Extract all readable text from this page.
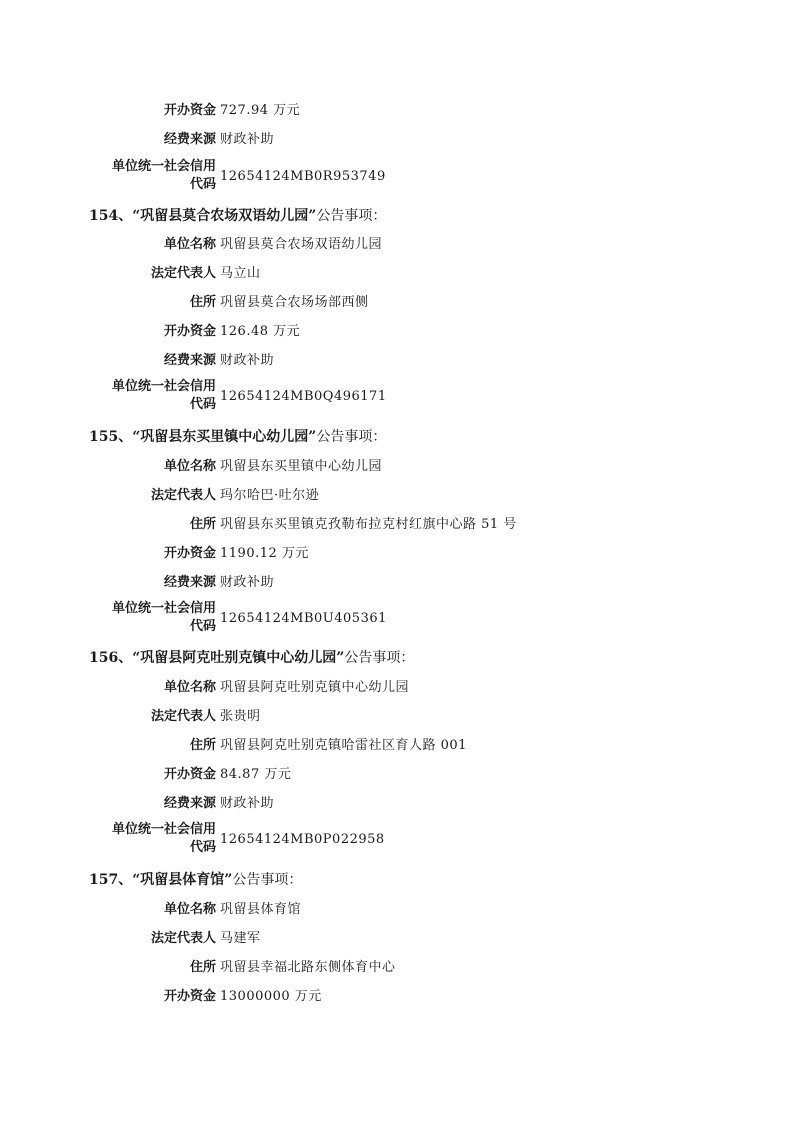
开办资金 727.94 万元
经费来源 财政补助
单位统一社会信用
代码
12654124MB0R953749
154、“巩留县莫合农场双语幼儿园”公告事项：
单位名称 巩留县莫合农场双语幼儿园
法定代表人 马立山
住所 巩留县莫合农场场部西侧
开办资金 126.48 万元
经费来源 财政补助
单位统一社会信用
代码
12654124MB0Q496171
155、“巩留县东买里镇中心幼儿园”公告事项：
单位名称 巩留县东买里镇中心幼儿园
法定代表人 玛尔哈巴·吐尔逊
住所 巩留县东买里镇克孜勒布拉克村红旗中心路 51 号
开办资金 1190.12 万元
经费来源 财政补助
单位统一社会信用
代码
12654124MB0U405361
156、“巩留县阿克吐别克镇中心幼儿园”公告事项：
单位名称 巩留县阿克吐别克镇中心幼儿园
法定代表人 张贵明
住所 巩留县阿克吐别克镇哈雷社区育人路 001
开办资金 84.87 万元
经费来源 财政补助
单位统一社会信用
代码
12654124MB0P022958
157、“巩留县体育馆”公告事项：
单位名称 巩留县体育馆
法定代表人 马建军
住所 巩留县幸福北路东侧体育中心
开办资金 13000000 万元
